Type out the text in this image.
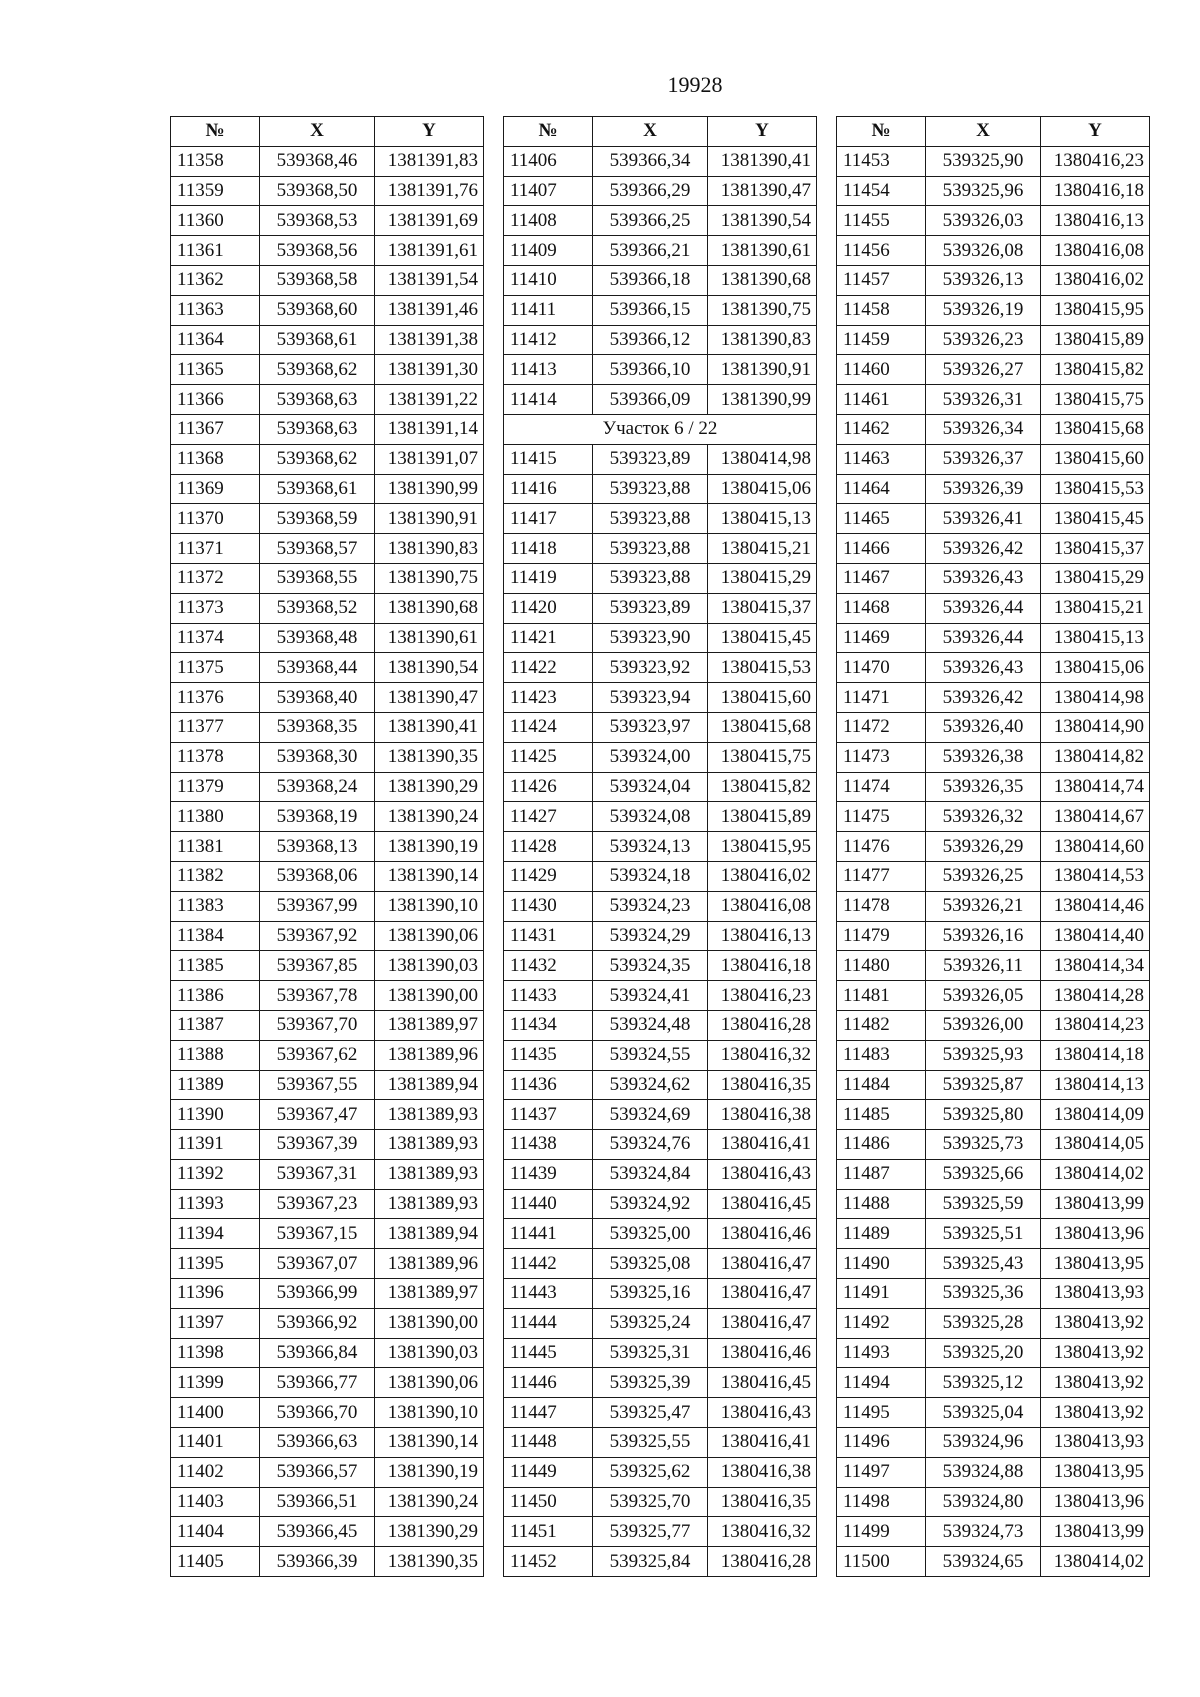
19928
№	X	Y
11358	539368,46	1381391,83
11359	539368,50	1381391,76
11360	539368,53	1381391,69
11361	539368,56	1381391,61
11362	539368,58	1381391,54
11363	539368,60	1381391,46
11364	539368,61	1381391,38
11365	539368,62	1381391,30
11366	539368,63	1381391,22
11367	539368,63	1381391,14
11368	539368,62	1381391,07
11369	539368,61	1381390,99
11370	539368,59	1381390,91
11371	539368,57	1381390,83
11372	539368,55	1381390,75
11373	539368,52	1381390,68
11374	539368,48	1381390,61
11375	539368,44	1381390,54
11376	539368,40	1381390,47
11377	539368,35	1381390,41
11378	539368,30	1381390,35
11379	539368,24	1381390,29
11380	539368,19	1381390,24
11381	539368,13	1381390,19
11382	539368,06	1381390,14
11383	539367,99	1381390,10
11384	539367,92	1381390,06
11385	539367,85	1381390,03
11386	539367,78	1381390,00
11387	539367,70	1381389,97
11388	539367,62	1381389,96
11389	539367,55	1381389,94
11390	539367,47	1381389,93
11391	539367,39	1381389,93
11392	539367,31	1381389,93
11393	539367,23	1381389,93
11394	539367,15	1381389,94
11395	539367,07	1381389,96
11396	539366,99	1381389,97
11397	539366,92	1381390,00
11398	539366,84	1381390,03
11399	539366,77	1381390,06
11400	539366,70	1381390,10
11401	539366,63	1381390,14
11402	539366,57	1381390,19
11403	539366,51	1381390,24
11404	539366,45	1381390,29
11405	539366,39	1381390,35
№	X	Y
11406	539366,34	1381390,41
11407	539366,29	1381390,47
11408	539366,25	1381390,54
11409	539366,21	1381390,61
11410	539366,18	1381390,68
11411	539366,15	1381390,75
11412	539366,12	1381390,83
11413	539366,10	1381390,91
11414	539366,09	1381390,99
Участок 6 / 22		
11415	539323,89	1380414,98
11416	539323,88	1380415,06
11417	539323,88	1380415,13
11418	539323,88	1380415,21
11419	539323,88	1380415,29
11420	539323,89	1380415,37
11421	539323,90	1380415,45
11422	539323,92	1380415,53
11423	539323,94	1380415,60
11424	539323,97	1380415,68
11425	539324,00	1380415,75
11426	539324,04	1380415,82
11427	539324,08	1380415,89
11428	539324,13	1380415,95
11429	539324,18	1380416,02
11430	539324,23	1380416,08
11431	539324,29	1380416,13
11432	539324,35	1380416,18
11433	539324,41	1380416,23
11434	539324,48	1380416,28
11435	539324,55	1380416,32
11436	539324,62	1380416,35
11437	539324,69	1380416,38
11438	539324,76	1380416,41
11439	539324,84	1380416,43
11440	539324,92	1380416,45
11441	539325,00	1380416,46
11442	539325,08	1380416,47
11443	539325,16	1380416,47
11444	539325,24	1380416,47
11445	539325,31	1380416,46
11446	539325,39	1380416,45
11447	539325,47	1380416,43
11448	539325,55	1380416,41
11449	539325,62	1380416,38
11450	539325,70	1380416,35
11451	539325,77	1380416,32
11452	539325,84	1380416,28
№	X	Y
11453	539325,90	1380416,23
11454	539325,96	1380416,18
11455	539326,03	1380416,13
11456	539326,08	1380416,08
11457	539326,13	1380416,02
11458	539326,19	1380415,95
11459	539326,23	1380415,89
11460	539326,27	1380415,82
11461	539326,31	1380415,75
11462	539326,34	1380415,68
11463	539326,37	1380415,60
11464	539326,39	1380415,53
11465	539326,41	1380415,45
11466	539326,42	1380415,37
11467	539326,43	1380415,29
11468	539326,44	1380415,21
11469	539326,44	1380415,13
11470	539326,43	1380415,06
11471	539326,42	1380414,98
11472	539326,40	1380414,90
11473	539326,38	1380414,82
11474	539326,35	1380414,74
11475	539326,32	1380414,67
11476	539326,29	1380414,60
11477	539326,25	1380414,53
11478	539326,21	1380414,46
11479	539326,16	1380414,40
11480	539326,11	1380414,34
11481	539326,05	1380414,28
11482	539326,00	1380414,23
11483	539325,93	1380414,18
11484	539325,87	1380414,13
11485	539325,80	1380414,09
11486	539325,73	1380414,05
11487	539325,66	1380414,02
11488	539325,59	1380413,99
11489	539325,51	1380413,96
11490	539325,43	1380413,95
11491	539325,36	1380413,93
11492	539325,28	1380413,92
11493	539325,20	1380413,92
11494	539325,12	1380413,92
11495	539325,04	1380413,92
11496	539324,96	1380413,93
11497	539324,88	1380413,95
11498	539324,80	1380413,96
11499	539324,73	1380413,99
11500	539324,65	1380414,02
